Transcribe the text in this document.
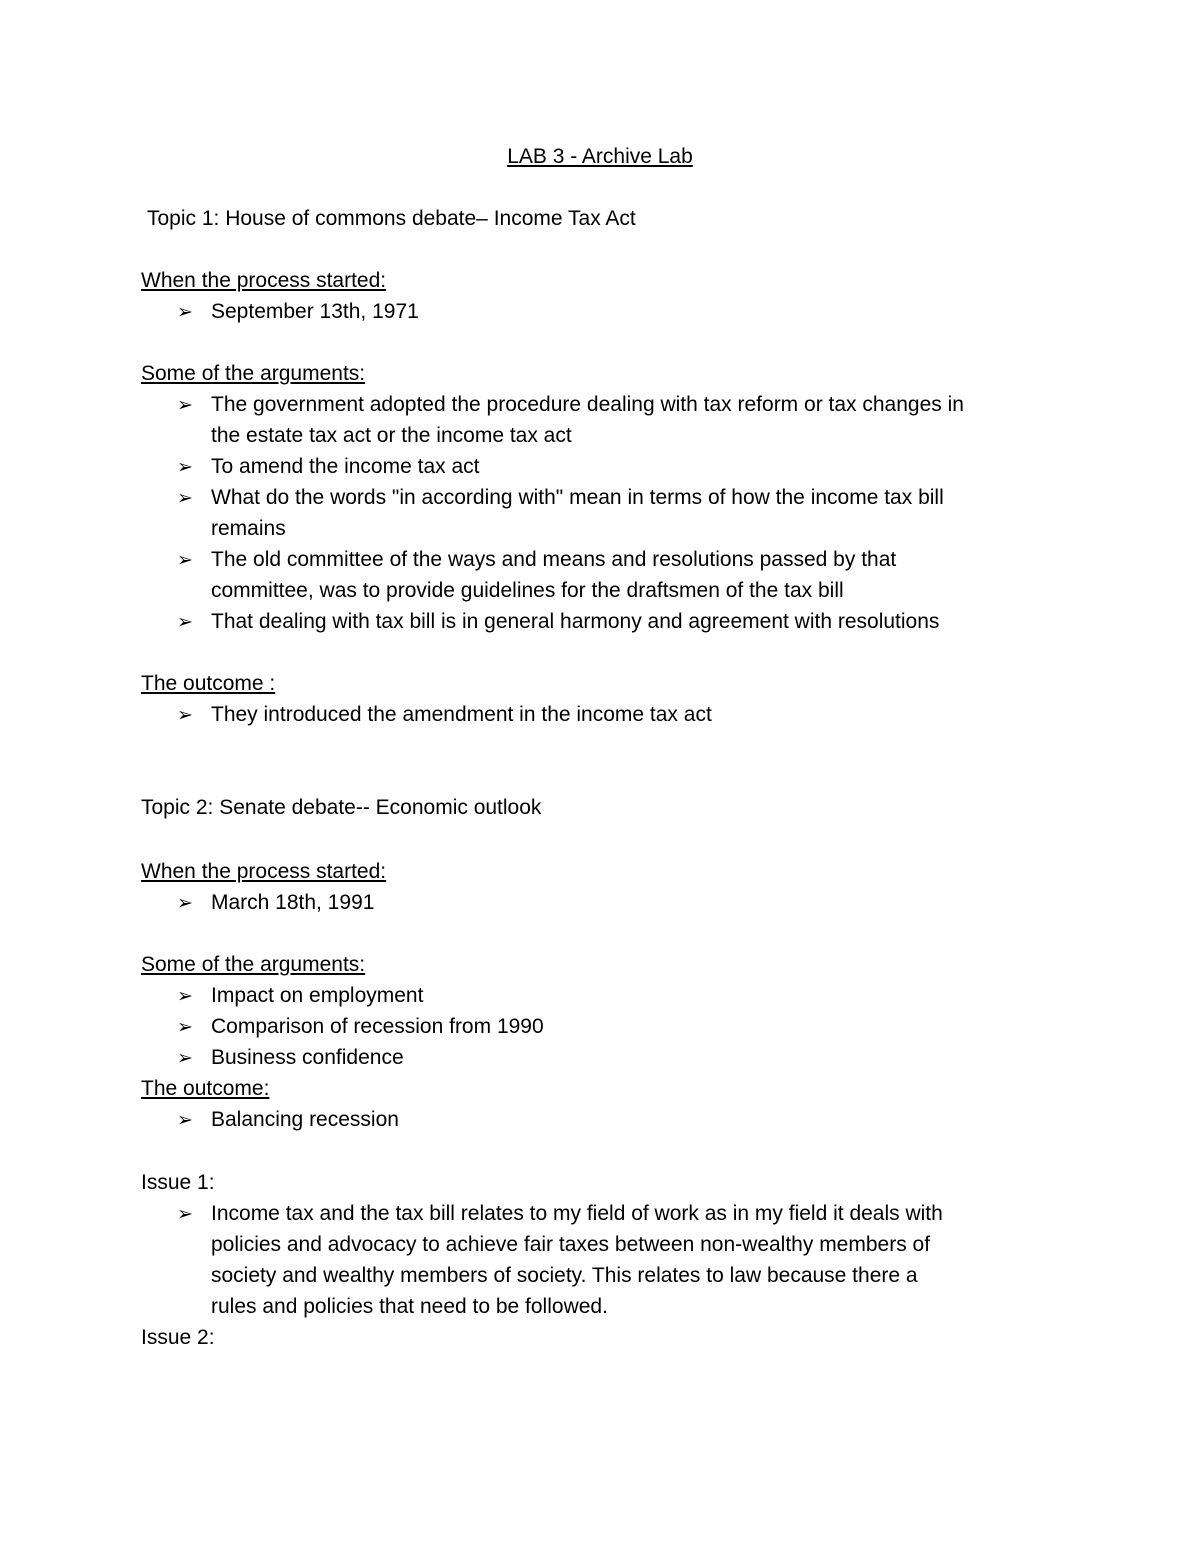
LAB 3 - Archive Lab
Topic 1: House of commons debate– Income Tax Act
When the process started:
➢ September 13th, 1971
Some of the arguments:
➢ The government adopted the procedure dealing with tax reform or tax changes in
the estate tax act or the income tax act
➢ To amend the income tax act
➢ What do the words "in according with" mean in terms of how the income tax bill
remains
➢ The old committee of the ways and means and resolutions passed by that
committee, was to provide guidelines for the draftsmen of the tax bill
➢ That dealing with tax bill is in general harmony and agreement with resolutions
The outcome :
➢ They introduced the amendment in the income tax act
Topic 2: Senate debate-- Economic outlook
When the process started:
➢ March 18th, 1991
Some of the arguments:
➢ Impact on employment
➢ Comparison of recession from 1990
➢ Business confidence
The outcome:
➢ Balancing recession
Issue 1:
➢ Income tax and the tax bill relates to my field of work as in my field it deals with
policies and advocacy to achieve fair taxes between non-wealthy members of
society and wealthy members of society. This relates to law because there a
rules and policies that need to be followed.
Issue 2:
